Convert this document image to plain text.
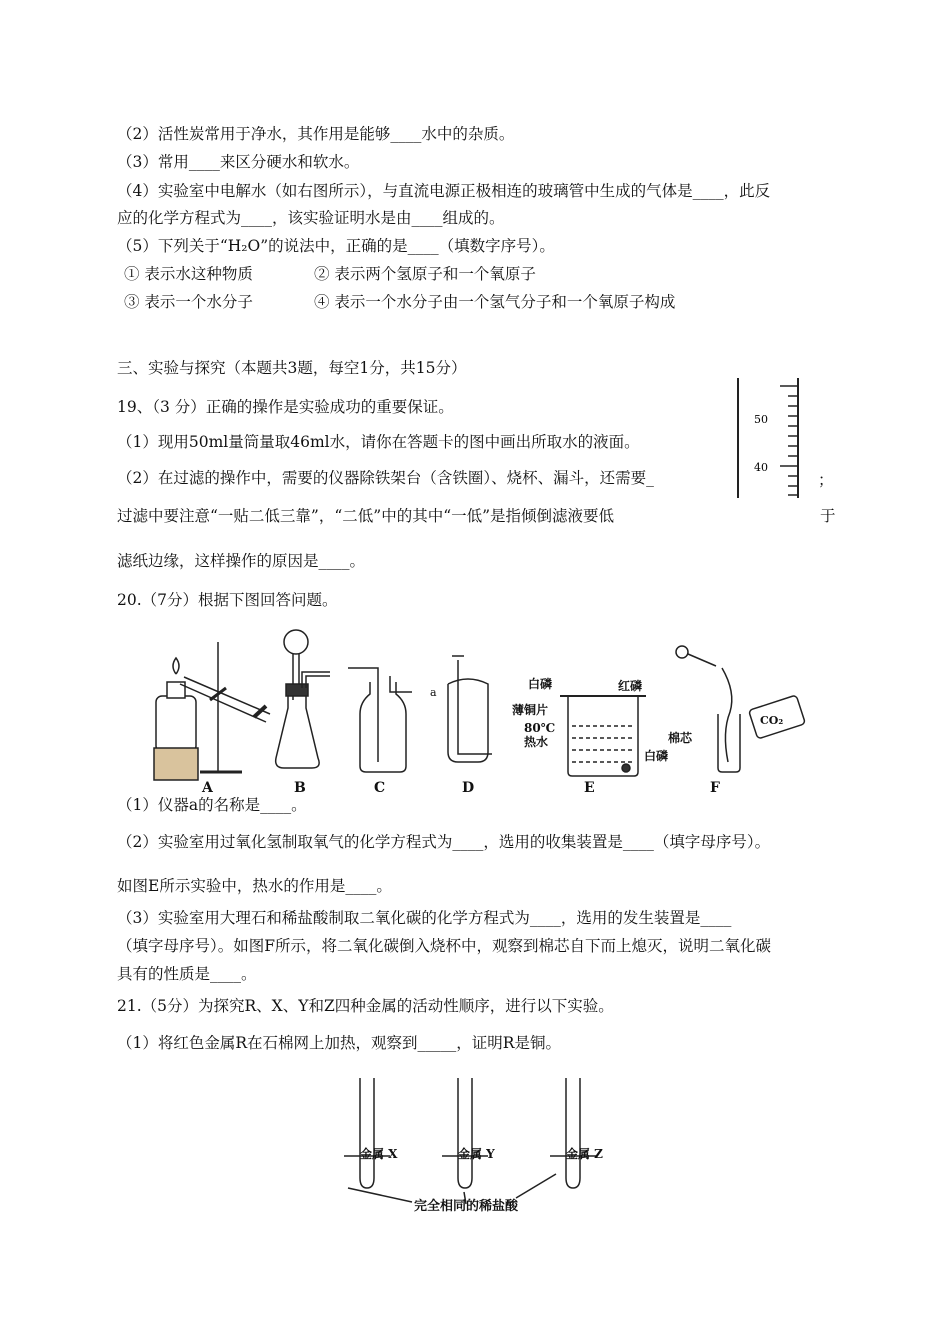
（2）活性炭常用于净水，其作用是能够____水中的杂质。
（3）常用____来区分硬水和软水。
（4）实验室中电解水（如右图所示），与直流电源正极相连的玻璃管中生成的气体是____，此反
应的化学方程式为____，该实验证明水是由____组成的。
（5）下列关于“H₂O”的说法中，正确的是____（填数字序号）。
① 表示水这种物质	② 表示两个氢原子和一个氧原子
③ 表示一个水分子	④ 表示一个水分子由一个氢气分子和一个氧原子构成
三、实验与探究（本题共3题，每空1分，共15分）
19、（3 分）正确的操作是实验成功的重要保证。
（1）现用50ml量筒量取46ml水，请你在答题卡的图中画出所取水的液面。
（2）在过滤的操作中，需要的仪器除铁架台（含铁圈）、烧杯、漏斗，还需要_	；
过滤中要注意“一贴二低三靠”，“二低”中的其中“一低”是指倾倒滤液要低	于
滤纸边缘，这样操作的原因是____。
50
40
20.（7分）根据下图回答问题。
a
白磷	红磷
薄铜片
80℃
热水
白磷
棉芯
CO₂
A	B	C	D	E	F
（1）仪器a的名称是____。
（2）实验室用过氧化氢制取氧气的化学方程式为____，选用的收集装置是____（填字母序号）。
如图E所示实验中，热水的作用是____。
（3）实验室用大理石和稀盐酸制取二氧化碳的化学方程式为____，选用的发生装置是____
（填字母序号）。如图F所示，将二氧化碳倒入烧杯中，观察到棉芯自下而上熄灭，说明二氧化碳
具有的性质是____。
21.（5分）为探究R、X、Y和Z四种金属的活动性顺序，进行以下实验。
（1）将红色金属R在石棉网上加热，观察到_____，证明R是铜。
金属 X	金属 Y	金属 Z
完全相同的稀盐酸
